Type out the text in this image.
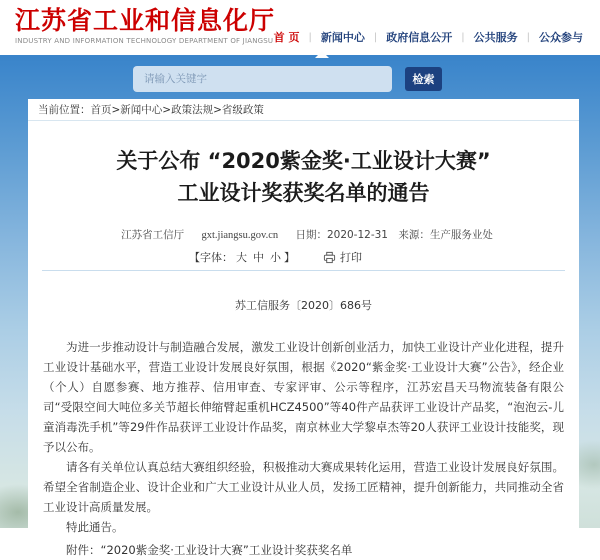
江苏省工业和信息化厅
INDUSTRY AND INFORMATION TECHNOLOGY DEPARTMENT OF JIANGSU 首 页 | 新闻中心 | 政府信息公开 | 公共服务 | 公众参与
请输入关键字
检索
当前位置：首页>新闻中心>政策法规>省级政策
关于公布 “2020紫金奖·工业设计大赛”
工业设计奖获奖名单的通告
江苏省工信厅 gxt.jiangsu.gov.cn 日期：2020-12-31 来源：生产服务业处
【字体： 大 中 小 】	打印
苏工信服务〔2020〕686号

为进一步推动设计与制造融合发展，激发工业设计创新创业活力，加快工业设计产业化进程，提升工业设计基础水平，营造工业设计发展良好氛围，根据《2020“紫金奖·工业设计大赛”公告》，经企业（个人）自愿参赛、地方推荐、信用审查、专家评审、公示等程序，江苏宏昌天马物流装备有限公司“受限空间大吨位多关节超长伸缩臂起重机HCZ4500”等40件产品获评工业设计产品奖，“泡泡云-儿童消毒洗手机”等29件作品获评工业设计作品奖，南京林业大学黎卓杰等20人获评工业设计技能奖，现予以公布。

请各有关单位认真总结大赛组织经验，积极推动大赛成果转化运用，营造工业设计发展良好氛围。希望全省制造企业、设计企业和广大工业设计从业人员，发扬工匠精神，提升创新能力，共同推动全省工业设计高质量发展。

特此通告。

附件：“2020紫金奖·工业设计大赛”工业设计奖获奖名单
